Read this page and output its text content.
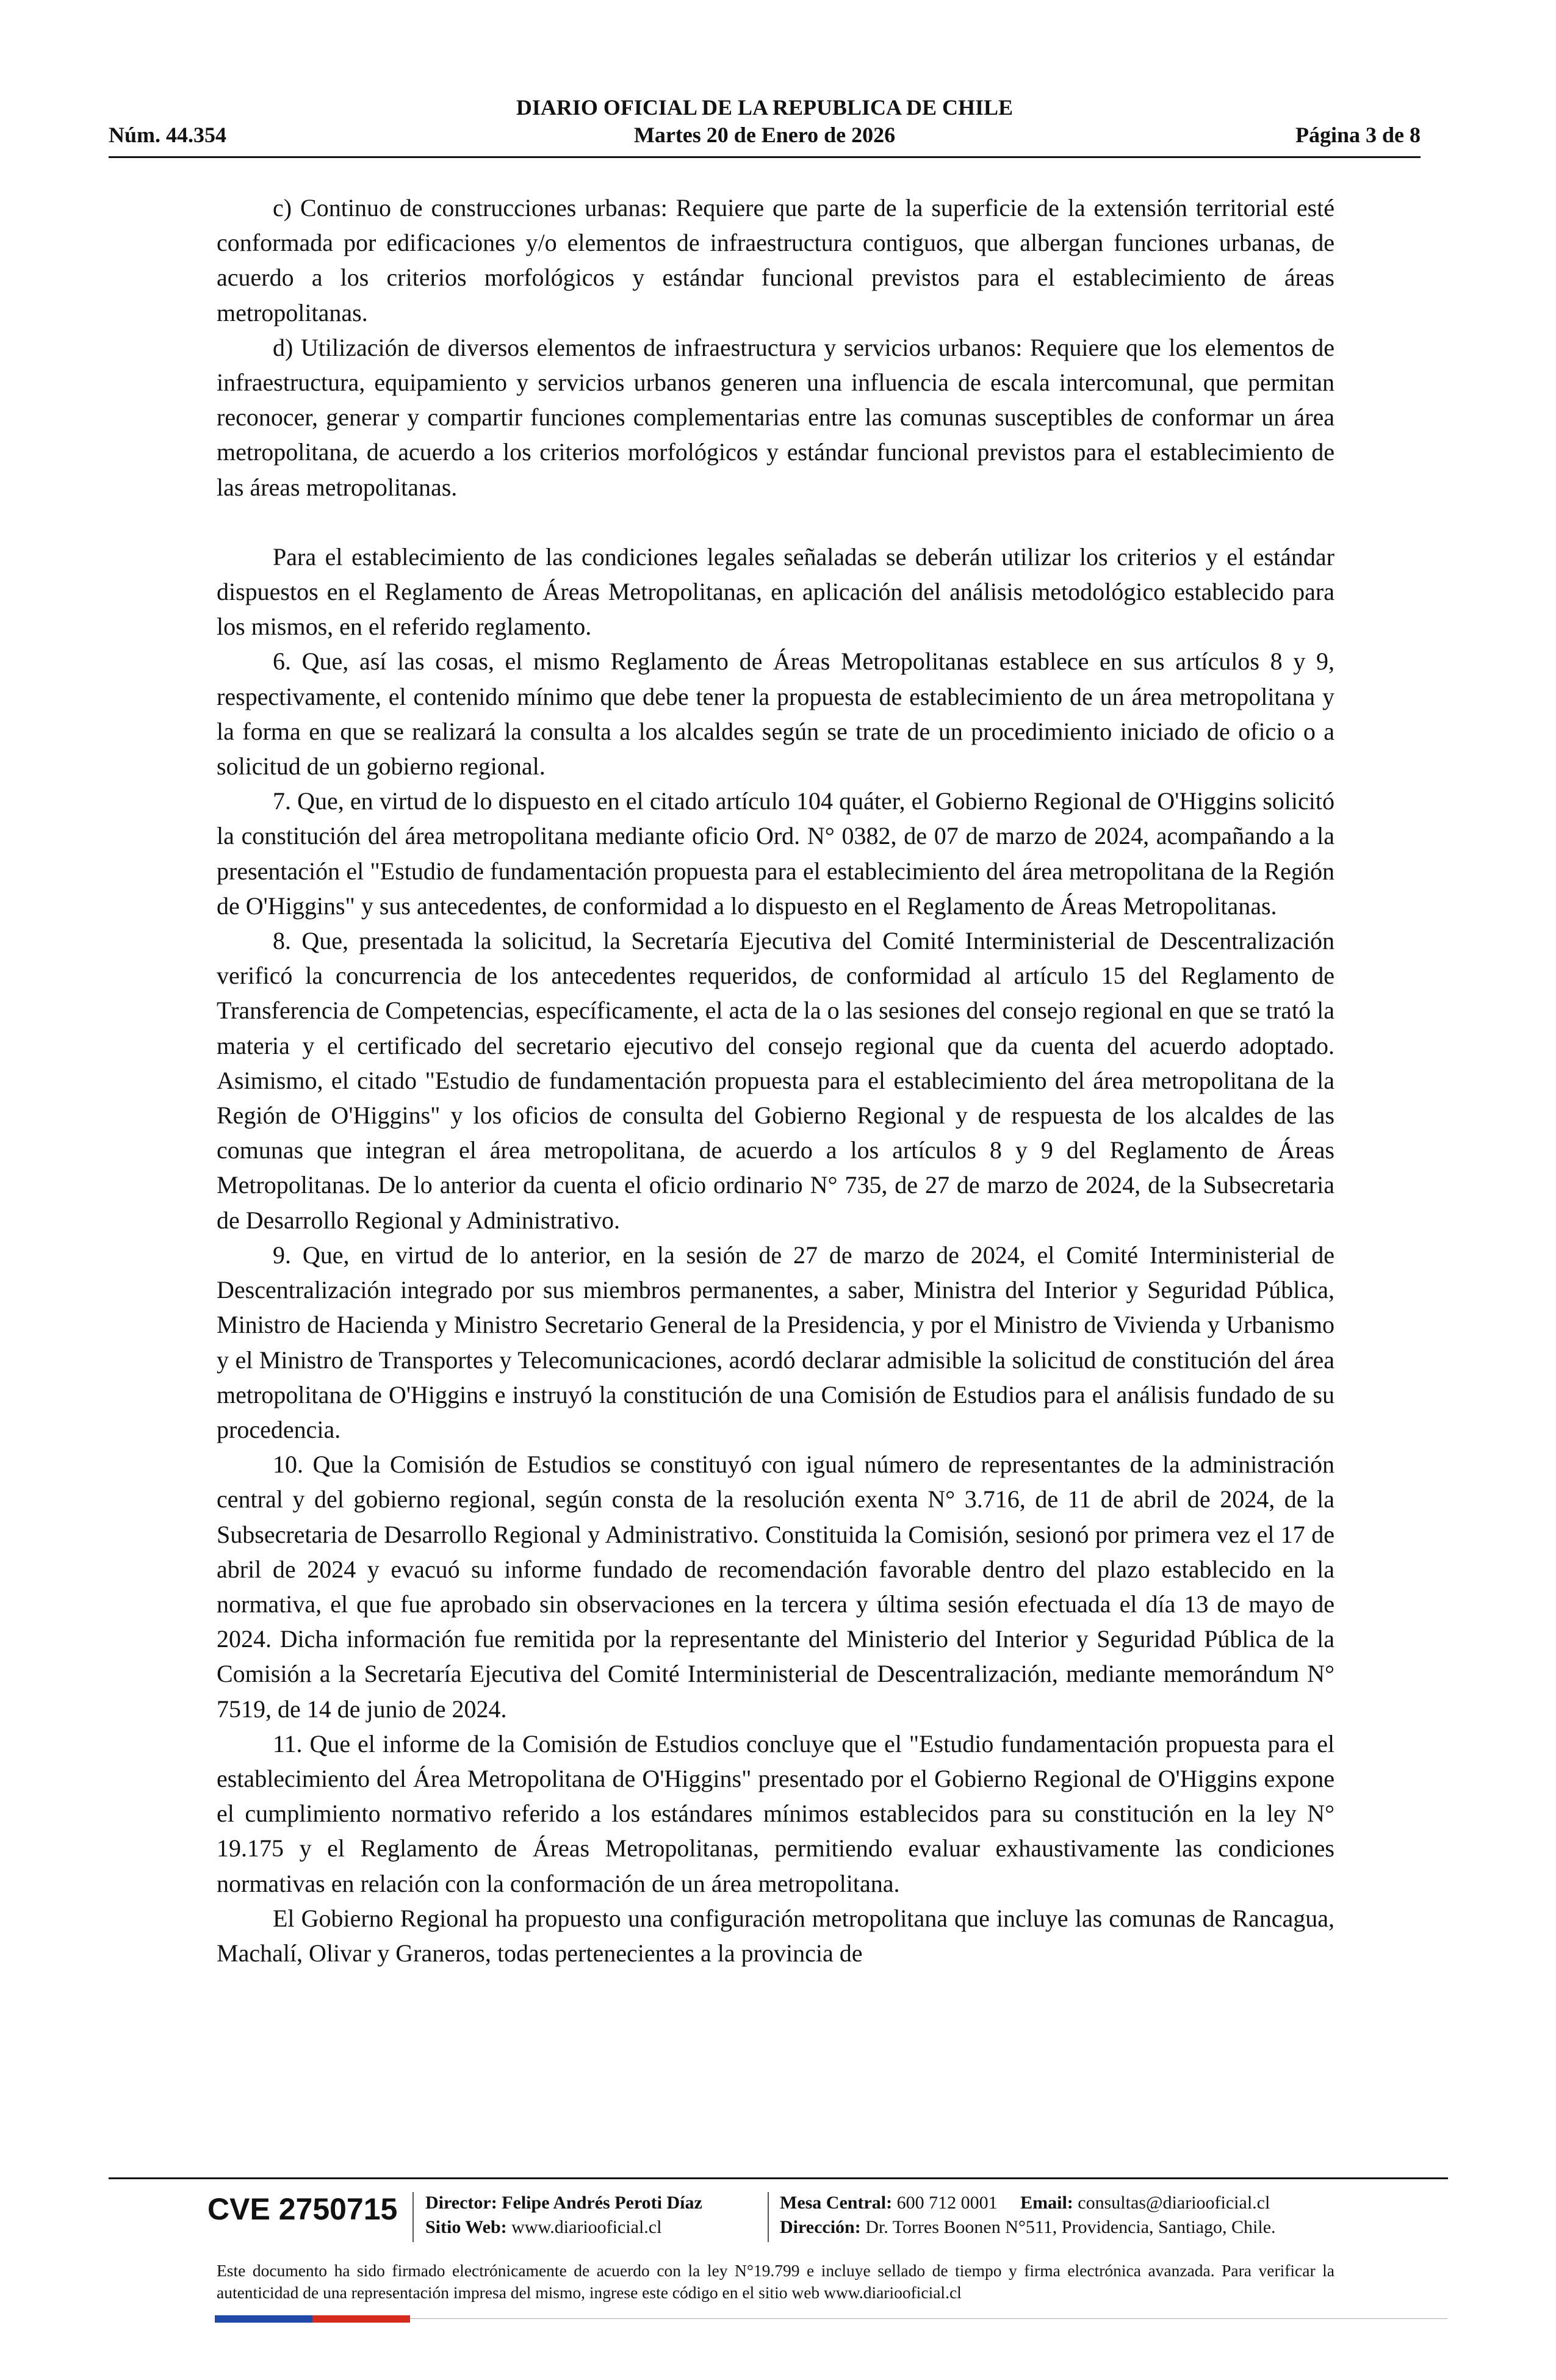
DIARIO OFICIAL DE LA REPUBLICA DE CHILE
Núm. 44.354	Martes 20 de Enero de 2026	Página 3 de 8

c) Continuo de construcciones urbanas: Requiere que parte de la superficie de la extensión territorial esté conformada por edificaciones y/o elementos de infraestructura contiguos, que albergan funciones urbanas, de acuerdo a los criterios morfológicos y estándar funcional previstos para el establecimiento de áreas metropolitanas.

d) Utilización de diversos elementos de infraestructura y servicios urbanos: Requiere que los elementos de infraestructura, equipamiento y servicios urbanos generen una influencia de escala intercomunal, que permitan reconocer, generar y compartir funciones complementarias entre las comunas susceptibles de conformar un área metropolitana, de acuerdo a los criterios morfológicos y estándar funcional previstos para el establecimiento de las áreas metropolitanas.

Para el establecimiento de las condiciones legales señaladas se deberán utilizar los criterios y el estándar dispuestos en el Reglamento de Áreas Metropolitanas, en aplicación del análisis metodológico establecido para los mismos, en el referido reglamento.

6. Que, así las cosas, el mismo Reglamento de Áreas Metropolitanas establece en sus artículos 8 y 9, respectivamente, el contenido mínimo que debe tener la propuesta de establecimiento de un área metropolitana y la forma en que se realizará la consulta a los alcaldes según se trate de un procedimiento iniciado de oficio o a solicitud de un gobierno regional.

7. Que, en virtud de lo dispuesto en el citado artículo 104 quáter, el Gobierno Regional de O'Higgins solicitó la constitución del área metropolitana mediante oficio Ord. N° 0382, de 07 de marzo de 2024, acompañando a la presentación el "Estudio de fundamentación propuesta para el establecimiento del área metropolitana de la Región de O'Higgins" y sus antecedentes, de conformidad a lo dispuesto en el Reglamento de Áreas Metropolitanas.

8. Que, presentada la solicitud, la Secretaría Ejecutiva del Comité Interministerial de Descentralización verificó la concurrencia de los antecedentes requeridos, de conformidad al artículo 15 del Reglamento de Transferencia de Competencias, específicamente, el acta de la o las sesiones del consejo regional en que se trató la materia y el certificado del secretario ejecutivo del consejo regional que da cuenta del acuerdo adoptado. Asimismo, el citado "Estudio de fundamentación propuesta para el establecimiento del área metropolitana de la Región de O'Higgins" y los oficios de consulta del Gobierno Regional y de respuesta de los alcaldes de las comunas que integran el área metropolitana, de acuerdo a los artículos 8 y 9 del Reglamento de Áreas Metropolitanas. De lo anterior da cuenta el oficio ordinario N° 735, de 27 de marzo de 2024, de la Subsecretaria de Desarrollo Regional y Administrativo.

9. Que, en virtud de lo anterior, en la sesión de 27 de marzo de 2024, el Comité Interministerial de Descentralización integrado por sus miembros permanentes, a saber, Ministra del Interior y Seguridad Pública, Ministro de Hacienda y Ministro Secretario General de la Presidencia, y por el Ministro de Vivienda y Urbanismo y el Ministro de Transportes y Telecomunicaciones, acordó declarar admisible la solicitud de constitución del área metropolitana de O'Higgins e instruyó la constitución de una Comisión de Estudios para el análisis fundado de su procedencia.

10. Que la Comisión de Estudios se constituyó con igual número de representantes de la administración central y del gobierno regional, según consta de la resolución exenta N° 3.716, de 11 de abril de 2024, de la Subsecretaria de Desarrollo Regional y Administrativo. Constituida la Comisión, sesionó por primera vez el 17 de abril de 2024 y evacuó su informe fundado de recomendación favorable dentro del plazo establecido en la normativa, el que fue aprobado sin observaciones en la tercera y última sesión efectuada el día 13 de mayo de 2024. Dicha información fue remitida por la representante del Ministerio del Interior y Seguridad Pública de la Comisión a la Secretaría Ejecutiva del Comité Interministerial de Descentralización, mediante memorándum N° 7519, de 14 de junio de 2024.

11. Que el informe de la Comisión de Estudios concluye que el "Estudio fundamentación propuesta para el establecimiento del Área Metropolitana de O'Higgins" presentado por el Gobierno Regional de O'Higgins expone el cumplimiento normativo referido a los estándares mínimos establecidos para su constitución en la ley N° 19.175 y el Reglamento de Áreas Metropolitanas, permitiendo evaluar exhaustivamente las condiciones normativas en relación con la conformación de un área metropolitana.

El Gobierno Regional ha propuesto una configuración metropolitana que incluye las comunas de Rancagua, Machalí, Olivar y Graneros, todas pertenecientes a la provincia de

CVE 2750715 Director: Felipe Andrés Peroti Díaz
Sitio Web: www.diariooficial.cl
Mesa Central: 600 712 0001 Email: consultas@diariooficial.cl
Dirección: Dr. Torres Boonen N°511, Providencia, Santiago, Chile.
Este documento ha sido firmado electrónicamente de acuerdo con la ley N°19.799 e incluye sellado de tiempo y firma electrónica avanzada. Para verificar la autenticidad de una representación impresa del mismo, ingrese este código en el sitio web www.diariooficial.cl
